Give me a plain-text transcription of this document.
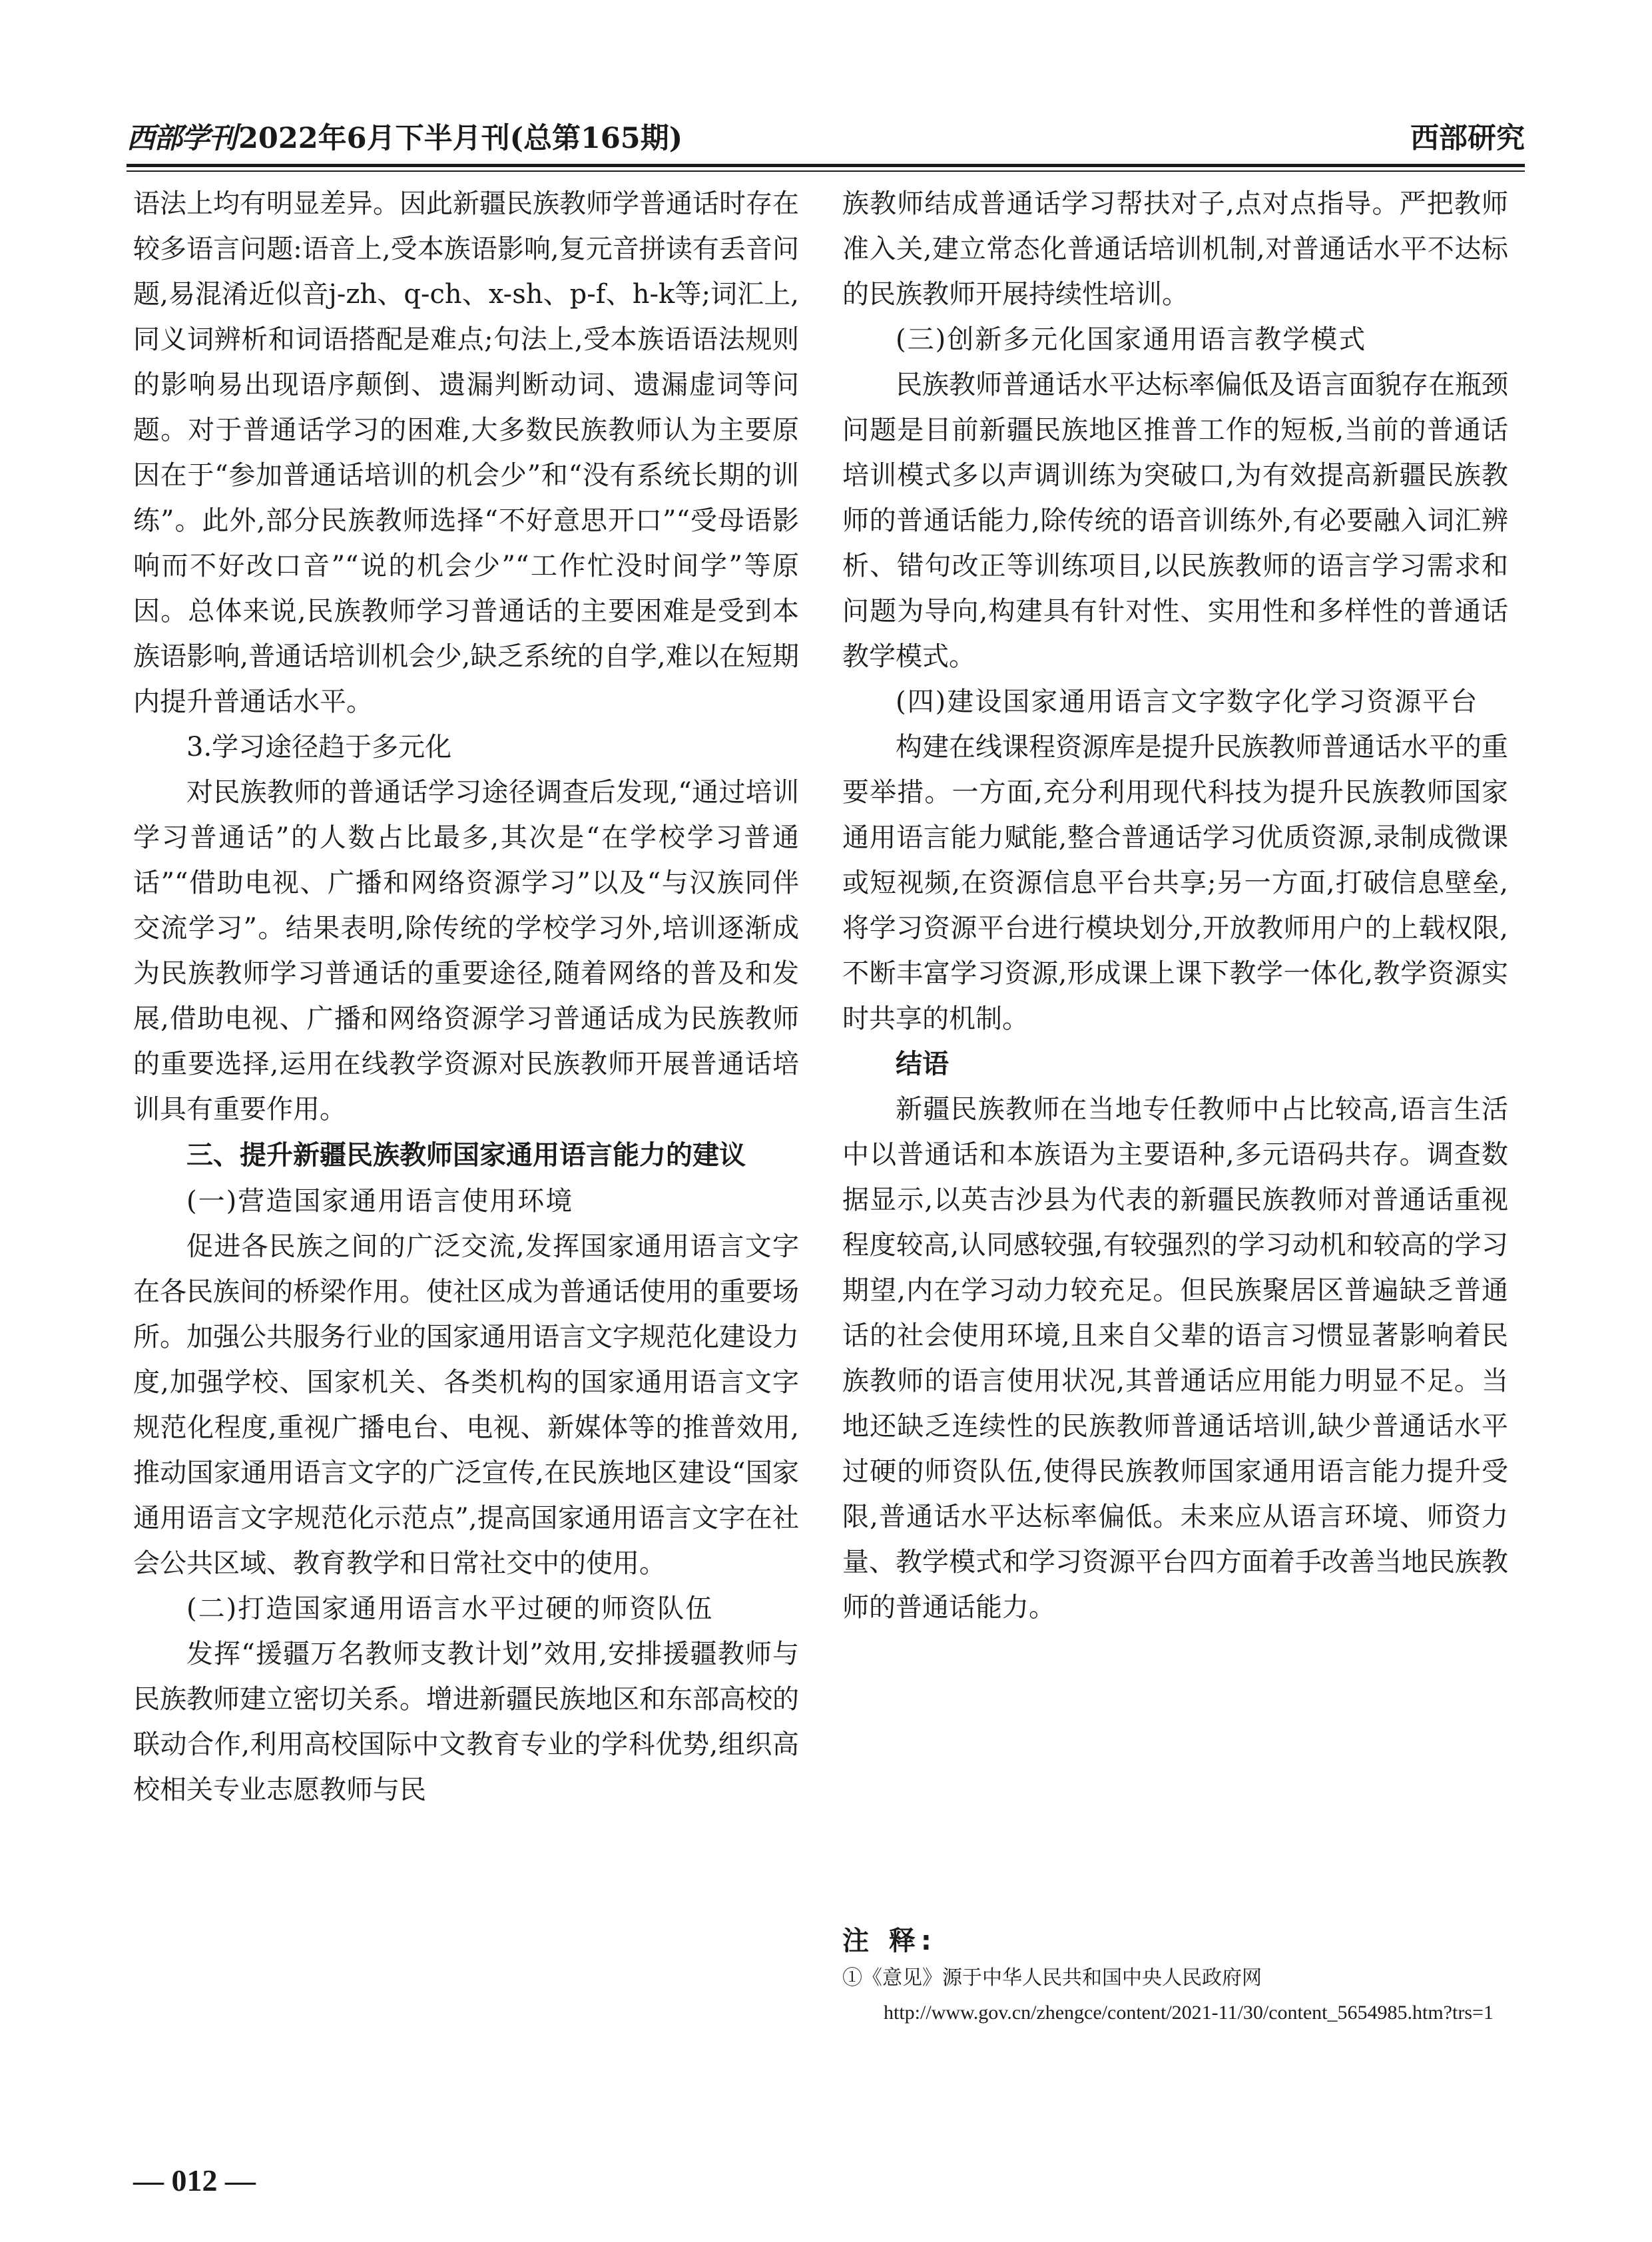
西部学刊2022年6月下半月刊(总第165期)	西部研究

语法上均有明显差异。因此新疆民族教师学普通话时存在较多语言问题:语音上,受本族语影响,复元音拼读有丢音问题,易混淆近似音j-zh、q-ch、x-sh、p-f、h-k等;词汇上,同义词辨析和词语搭配是难点;句法上,受本族语语法规则的影响易出现语序颠倒、遗漏判断动词、遗漏虚词等问题。对于普通话学习的困难,大多数民族教师认为主要原因在于“参加普通话培训的机会少”和“没有系统长期的训练”。此外,部分民族教师选择“不好意思开口”“受母语影响而不好改口音”“说的机会少”“工作忙没时间学”等原因。总体来说,民族教师学习普通话的主要困难是受到本族语影响,普通话培训机会少,缺乏系统的自学,难以在短期内提升普通话水平。

3.学习途径趋于多元化

对民族教师的普通话学习途径调查后发现,“通过培训学习普通话”的人数占比最多,其次是“在学校学习普通话”“借助电视、广播和网络资源学习”以及“与汉族同伴交流学习”。结果表明,除传统的学校学习外,培训逐渐成为民族教师学习普通话的重要途径,随着网络的普及和发展,借助电视、广播和网络资源学习普通话成为民族教师的重要选择,运用在线教学资源对民族教师开展普通话培训具有重要作用。

三、提升新疆民族教师国家通用语言能力的建议

(一)营造国家通用语言使用环境

促进各民族之间的广泛交流,发挥国家通用语言文字在各民族间的桥梁作用。使社区成为普通话使用的重要场所。加强公共服务行业的国家通用语言文字规范化建设力度,加强学校、国家机关、各类机构的国家通用语言文字规范化程度,重视广播电台、电视、新媒体等的推普效用,推动国家通用语言文字的广泛宣传,在民族地区建设“国家通用语言文字规范化示范点”,提高国家通用语言文字在社会公共区域、教育教学和日常社交中的使用。

(二)打造国家通用语言水平过硬的师资队伍

发挥“援疆万名教师支教计划”效用,安排援疆教师与民族教师建立密切关系。增进新疆民族地区和东部高校的联动合作,利用高校国际中文教育专业的学科优势,组织高校相关专业志愿教师与民

族教师结成普通话学习帮扶对子,点对点指导。严把教师准入关,建立常态化普通话培训机制,对普通话水平不达标的民族教师开展持续性培训。

(三)创新多元化国家通用语言教学模式

民族教师普通话水平达标率偏低及语言面貌存在瓶颈问题是目前新疆民族地区推普工作的短板,当前的普通话培训模式多以声调训练为突破口,为有效提高新疆民族教师的普通话能力,除传统的语音训练外,有必要融入词汇辨析、错句改正等训练项目,以民族教师的语言学习需求和问题为导向,构建具有针对性、实用性和多样性的普通话教学模式。

(四)建设国家通用语言文字数字化学习资源平台

构建在线课程资源库是提升民族教师普通话水平的重要举措。一方面,充分利用现代科技为提升民族教师国家通用语言能力赋能,整合普通话学习优质资源,录制成微课或短视频,在资源信息平台共享;另一方面,打破信息壁垒,将学习资源平台进行模块划分,开放教师用户的上载权限,不断丰富学习资源,形成课上课下教学一体化,教学资源实时共享的机制。

结语

新疆民族教师在当地专任教师中占比较高,语言生活中以普通话和本族语为主要语种,多元语码共存。调查数据显示,以英吉沙县为代表的新疆民族教师对普通话重视程度较高,认同感较强,有较强烈的学习动机和较高的学习期望,内在学习动力较充足。但民族聚居区普遍缺乏普通话的社会使用环境,且来自父辈的语言习惯显著影响着民族教师的语言使用状况,其普通话应用能力明显不足。当地还缺乏连续性的民族教师普通话培训,缺少普通话水平过硬的师资队伍,使得民族教师国家通用语言能力提升受限,普通话水平达标率偏低。未来应从语言环境、师资力量、教学模式和学习资源平台四方面着手改善当地民族教师的普通话能力。

注 释:
①《意见》源于中华人民共和国中央人民政府网
http://www.gov.cn/zhengce/content/2021-11/30/content_5654985.htm?trs=1
— 012 —
